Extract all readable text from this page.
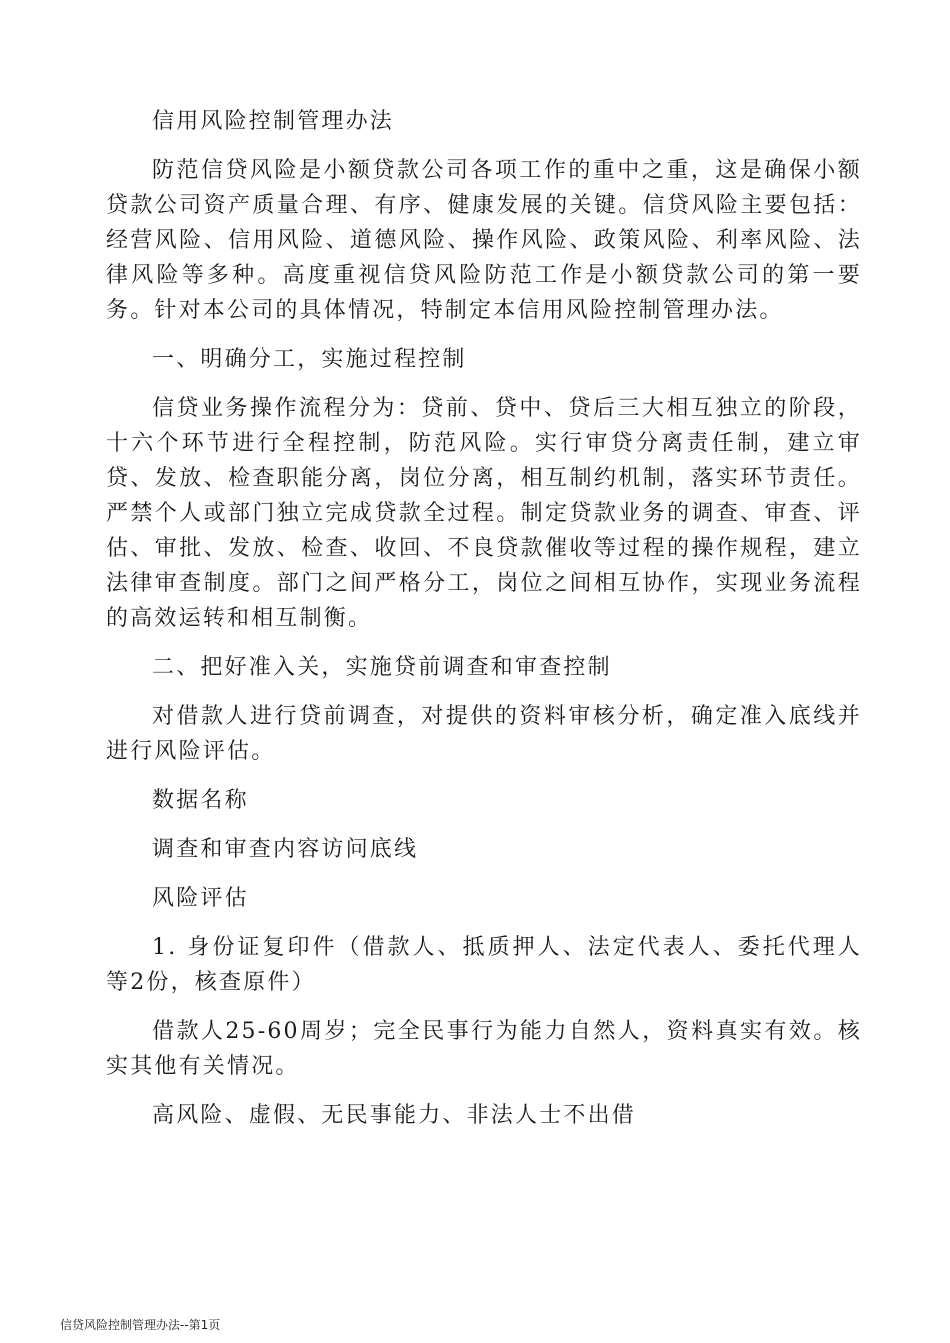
信用风险控制管理办法

防范信贷风险是小额贷款公司各项工作的重中之重，这是确保小额贷款公司资产质量合理、有序、健康发展的关键。信贷风险主要包括：经营风险、信用风险、道德风险、操作风险、政策风险、利率风险、法律风险等多种。高度重视信贷风险防范工作是小额贷款公司的第一要务。针对本公司的具体情况，特制定本信用风险控制管理办法。

一、明确分工，实施过程控制

信贷业务操作流程分为：贷前、贷中、贷后三大相互独立的阶段，十六个环节进行全程控制，防范风险。实行审贷分离责任制，建立审贷、发放、检查职能分离，岗位分离，相互制约机制，落实环节责任。严禁个人或部门独立完成贷款全过程。制定贷款业务的调查、审查、评估、审批、发放、检查、收回、不良贷款催收等过程的操作规程，建立法律审查制度。部门之间严格分工，岗位之间相互协作，实现业务流程的高效运转和相互制衡。

二、把好准入关，实施贷前调查和审查控制

对借款人进行贷前调查，对提供的资料审核分析，确定准入底线并进行风险评估。

数据名称

调查和审查内容访问底线

风险评估

1. 身份证复印件（借款人、抵质押人、法定代表人、委托代理人等2份，核查原件）

借款人25-60周岁；完全民事行为能力自然人，资料真实有效。核实其他有关情况。

高风险、虚假、无民事能力、非法人士不出借

信贷风险控制管理办法--第1页
